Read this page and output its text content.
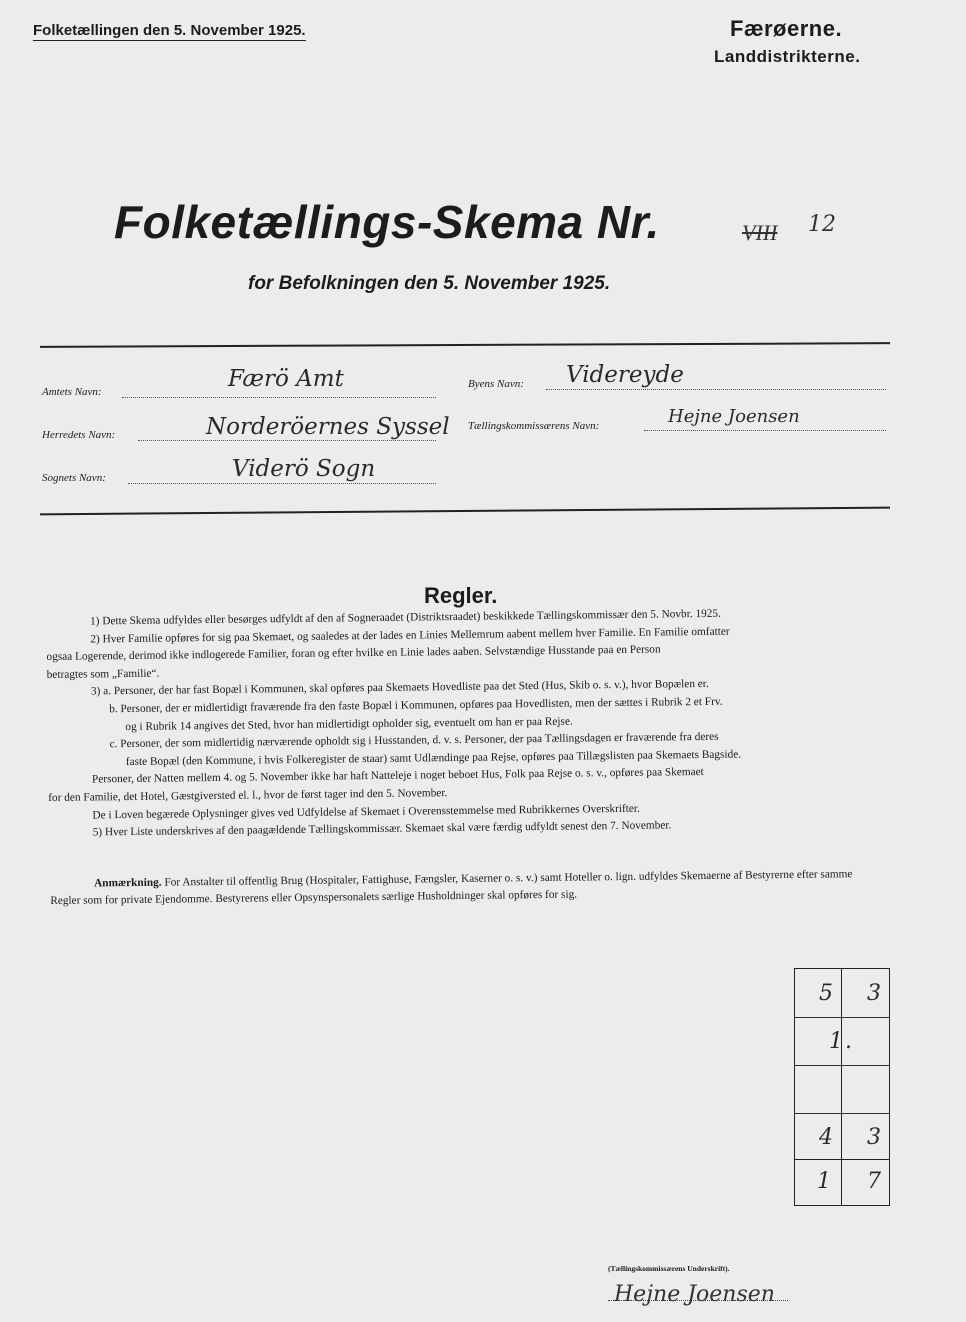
Folketællingen den 5. November 1925.	Færøerne.
Landdistrikterne.
Folketællings-Skema Nr.	VIII 12
for Befolkningen den 5. November 1925.
Amtets Navn:	Færö Amt
Herredets Navn:	Norderöernes Syssel
Sognets Navn:	Viderö Sogn
Byens Navn: Videreyde
Tællingskommissærens Navn:	Hejne Joensen
Regler.
1) Dette Skema udfyldes eller besørges udfyldt af den af Sogneraadet (Distriktsraadet) beskikkede Tællingskommissær den 5. Novbr. 1925.
2) Hver Familie opføres for sig paa Skemaet, og saaledes at der lades en Linies Mellemrum aabent mellem hver Familie. En Familie omfatter
ogsaa Logerende, derimod ikke indlogerede Familier, foran og efter hvilke en Linie lades aaben. Selvstændige Husstande paa en Person
betragtes som „Familie“.
3) a. Personer, der har fast Bopæl i Kommunen, skal opføres paa Skemaets Hovedliste paa det Sted (Hus, Skib o. s. v.), hvor Bopælen er.
b. Personer, der er midlertidigt fraværende fra den faste Bopæl i Kommunen, opføres paa Hovedlisten, men der sættes i Rubrik 2 et Frv.
og i Rubrik 14 angives det Sted, hvor han midlertidigt opholder sig, eventuelt om han er paa Rejse.
c. Personer, der som midlertidig nærværende opholdt sig i Husstanden, d. v. s. Personer, der paa Tællingsdagen er fraværende fra deres
faste Bopæl (den Kommune, i hvis Folkeregister de staar) samt Udlændinge paa Rejse, opføres paa Tillægslisten paa Skemaets Bagside.
Personer, der Natten mellem 4. og 5. November ikke har haft Natteleje i noget beboet Hus, Folk paa Rejse o. s. v., opføres paa Skemaet
for den Familie, det Hotel, Gæstgiversted el. l., hvor de først tager ind den 5. November.
De i Loven begærede Oplysninger gives ved Udfyldelse af Skemaet i Overensstemmelse med Rubrikkernes Overskrifter.
5) Hver Liste underskrives af den paagældende Tællingskommissær. Skemaet skal være færdig udfyldt senest den 7. November.
Anmærkning. For Anstalter til offentlig Brug (Hospitaler, Fattighuse, Fængsler, Kaserner o. s. v.) samt Hoteller o. lign. udfyldes Skemaerne af Bestyrerne efter samme Regler som for private Ejendomme. Bestyrerens eller Opsynspersonalets særlige Husholdninger skal opføres for sig.
5 3
1 .
4 3
1 7
(Tællingskommissærens Underskrift).
Hejne Joensen
